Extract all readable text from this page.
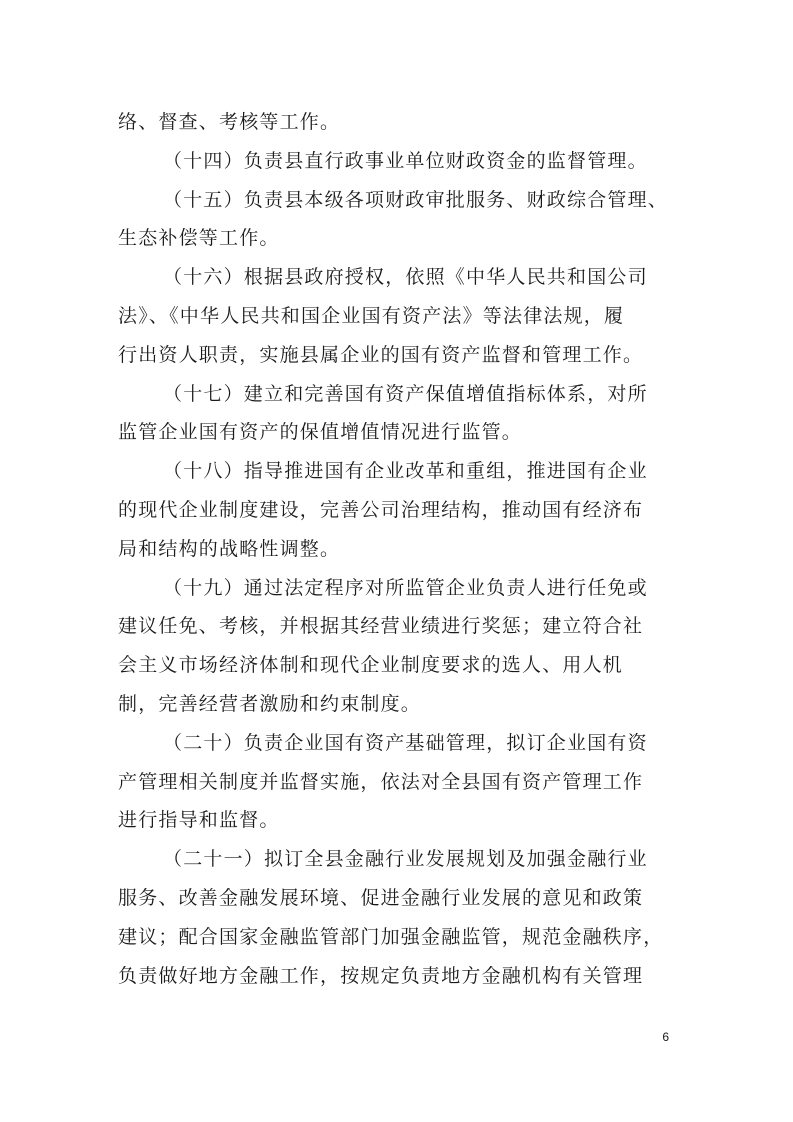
络、督查、考核等工作。
（十四）负责县直行政事业单位财政资金的监督管理。
（十五）负责县本级各项财政审批服务、财政综合管理、
生态补偿等工作。
（十六）根据县政府授权，依照《中华人民共和国公司
法》、《中华人民共和国企业国有资产法》等法律法规，履
行出资人职责，实施县属企业的国有资产监督和管理工作。
（十七）建立和完善国有资产保值增值指标体系，对所
监管企业国有资产的保值增值情况进行监管。
（十八）指导推进国有企业改革和重组，推进国有企业
的现代企业制度建设，完善公司治理结构，推动国有经济布
局和结构的战略性调整。
（十九）通过法定程序对所监管企业负责人进行任免或
建议任免、考核，并根据其经营业绩进行奖惩；建立符合社
会主义市场经济体制和现代企业制度要求的选人、用人机
制，完善经营者激励和约束制度。
（二十）负责企业国有资产基础管理，拟订企业国有资
产管理相关制度并监督实施，依法对全县国有资产管理工作
进行指导和监督。
（二十一）拟订全县金融行业发展规划及加强金融行业
服务、改善金融发展环境、促进金融行业发展的意见和政策
建议；配合国家金融监管部门加强金融监管，规范金融秩序，
负责做好地方金融工作，按规定负责地方金融机构有关管理
6
